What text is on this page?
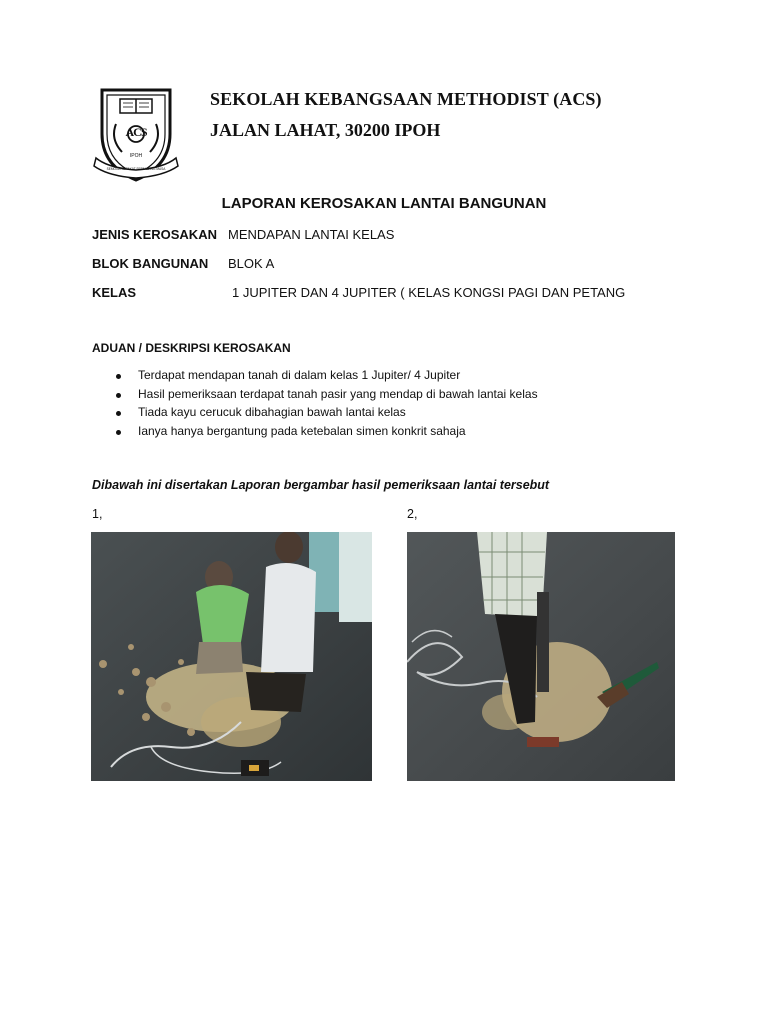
ACS
IPOH
SEMOGA SEPAKAT SEPANJANG MASA
SEKOLAH KEBANGSAAN METHODIST (ACS)
JALAN LAHAT, 30200 IPOH
LAPORAN KEROSAKAN LANTAI BANGUNAN
JENIS KEROSAKAN MENDAPAN LANTAI KELAS
BLOK BANGUNAN BLOK A
KELAS	1 JUPITER DAN 4 JUPITER ( KELAS KONGSI PAGI DAN PETANG
ADUAN / DESKRIPSI KEROSAKAN
Terdapat mendapan tanah di dalam kelas 1 Jupiter/ 4 Jupiter
Hasil pemeriksaan terdapat tanah pasir yang mendap di bawah lantai kelas
Tiada kayu cerucuk dibahagian bawah lantai kelas
Ianya hanya bergantung pada ketebalan simen konkrit sahaja
Dibawah ini disertakan Laporan bergambar hasil pemeriksaan lantai tersebut
1,	2,
